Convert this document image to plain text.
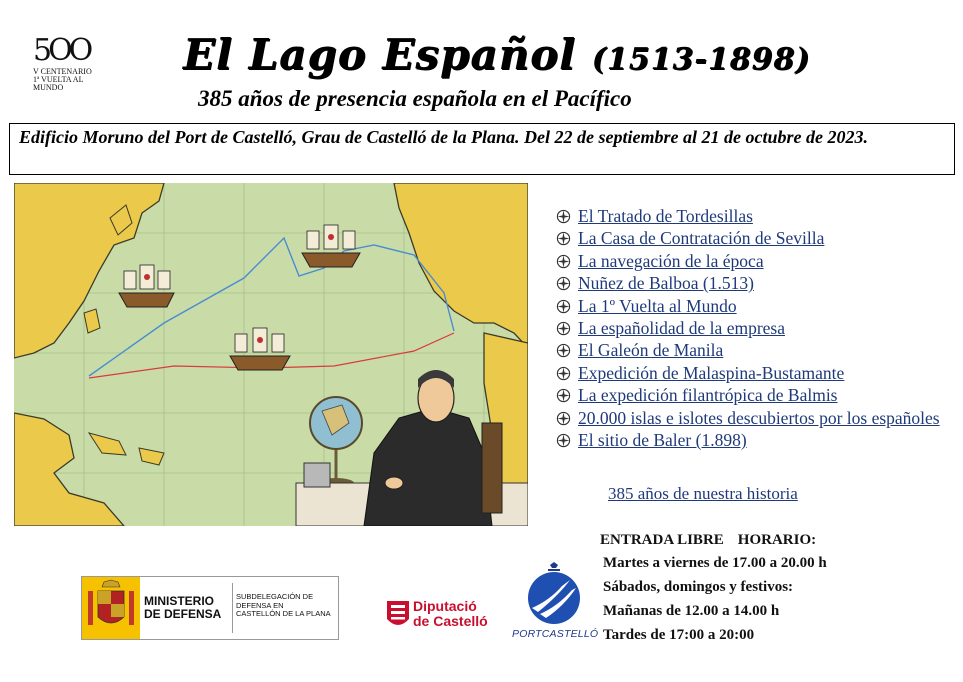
5OO
V CENTENARIO
1ª VUELTA AL
MUNDO
El Lago Español (1513-1898)
385 años de presencia española en el Pacífico
Edificio Moruno del Port de Castelló, Grau de Castelló de la Plana. Del 22 de septiembre al 21 de octubre de 2023.
El Tratado de Tordesillas
La Casa de Contratación de Sevilla
La navegación de la época
Nuñez de Balboa (1.513)
La 1º Vuelta al Mundo
La españolidad de la empresa
El Galeón de Manila
Expedición de Malaspina-Bustamante
La expedición filantrópica de Balmis
20.000 islas e islotes descubiertos por los españoles
El sitio de Baler (1.898)
385 años de nuestra historia
ENTRADA LIBRE HORARIO:
Martes a viernes de 17.00 a 20.00 h
Sábados, domingos y festivos:
Mañanas de 12.00 a 14.00 h
Tardes de 17:00 a 20:00
MINISTERIO
DE DEFENSA
SUBDELEGACIÓN DE
DEFENSA EN
CASTELLÓN DE LA PLANA	Diputació
de Castelló
PORTCASTELLÓ
